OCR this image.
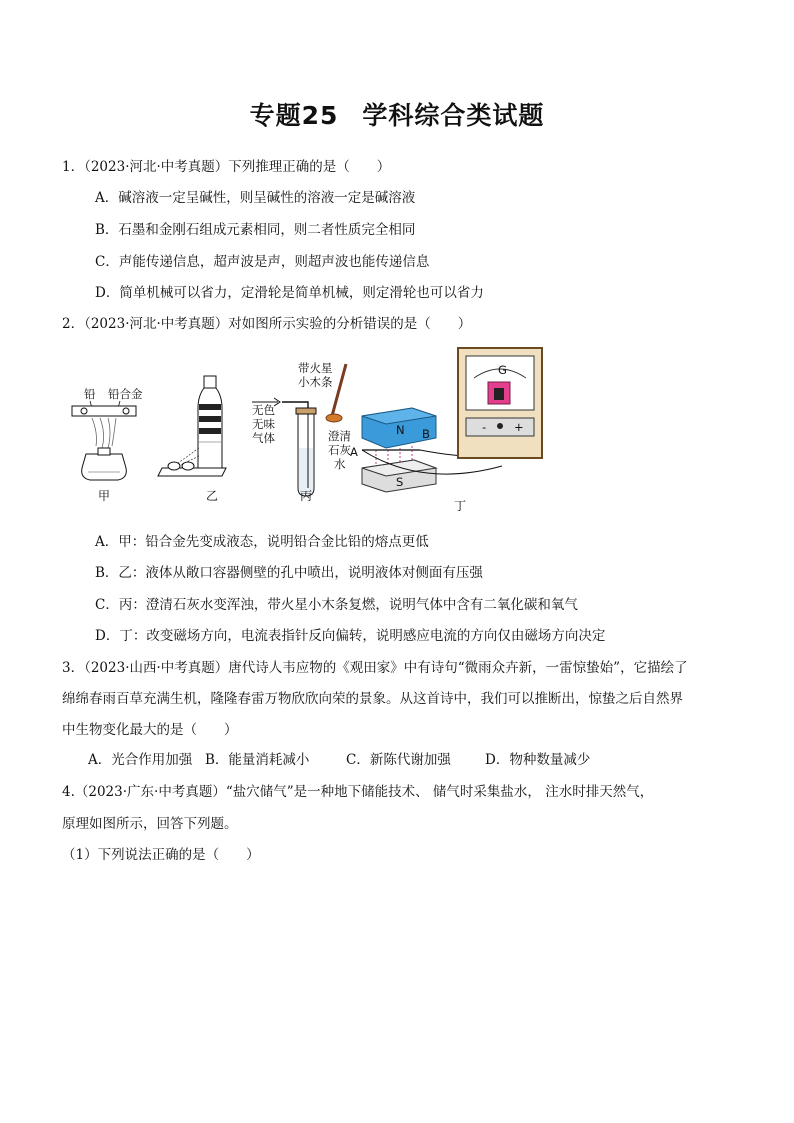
专题25 学科综合类试题
1．（2023·河北·中考真题）下列推理正确的是（　　）
A．碱溶液一定呈碱性，则呈碱性的溶液一定是碱溶液
B．石墨和金刚石组成元素相同，则二者性质完全相同
C．声能传递信息，超声波是声，则超声波也能传递信息
D．简单机械可以省力，定滑轮是简单机械，则定滑轮也可以省力
2．（2023·河北·中考真题）对如图所示实验的分析错误的是（　　）
铅 铅合金
甲	乙
带火星
小木条
无色
无味
气体	澄清
石灰
水
丙
N B
A
S
G
- +
丁
A．甲：铅合金先变成液态，说明铅合金比铅的熔点更低
B．乙：液体从敞口容器侧壁的孔中喷出，说明液体对侧面有压强
C．丙：澄清石灰水变浑浊，带火星小木条复燃，说明气体中含有二氧化碳和氧气
D．丁：改变磁场方向，电流表指针反向偏转，说明感应电流的方向仅由磁场方向决定
3．（2023·山西·中考真题）唐代诗人韦应物的《观田家》中有诗句“微雨众卉新，一雷惊蛰始”，它描绘了
绵绵春雨百草充满生机，隆隆春雷万物欣欣向荣的景象。从这首诗中，我们可以推断出，惊蛰之后自然界
中生物变化最大的是（　　）
A．光合作用加强 B．能量消耗减小	C．新陈代谢加强	D．物种数量减少
4.（2023·广东·中考真题）“盐穴储气”是一种地下储能技术、 储气时采集盐水， 注水时排天然气，
原理如图所示，回答下列题。
（1）下列说法正确的是（　　）
